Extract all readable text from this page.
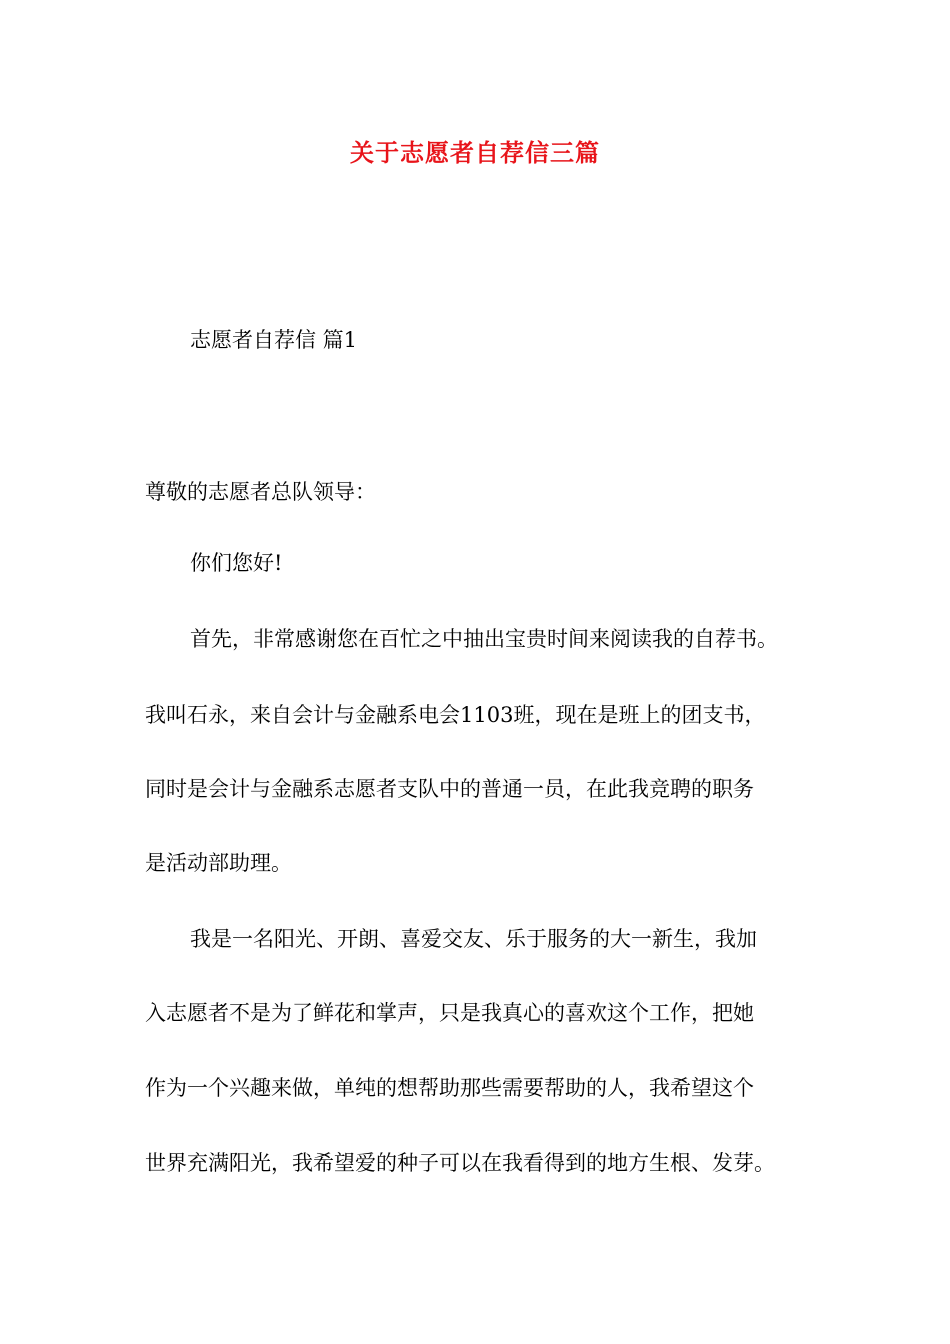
关于志愿者自荐信三篇
志愿者自荐信 篇1
尊敬的志愿者总队领导：
你们您好!
首先，非常感谢您在百忙之中抽出宝贵时间来阅读我的自荐书。
我叫石永，来自会计与金融系电会1103班，现在是班上的团支书，
同时是会计与金融系志愿者支队中的普通一员，在此我竞聘的职务
是活动部助理。
我是一名阳光、开朗、喜爱交友、乐于服务的大一新生，我加
入志愿者不是为了鲜花和掌声，只是我真心的喜欢这个工作，把她
作为一个兴趣来做，单纯的想帮助那些需要帮助的人，我希望这个
世界充满阳光，我希望爱的种子可以在我看得到的地方生根、发芽。
